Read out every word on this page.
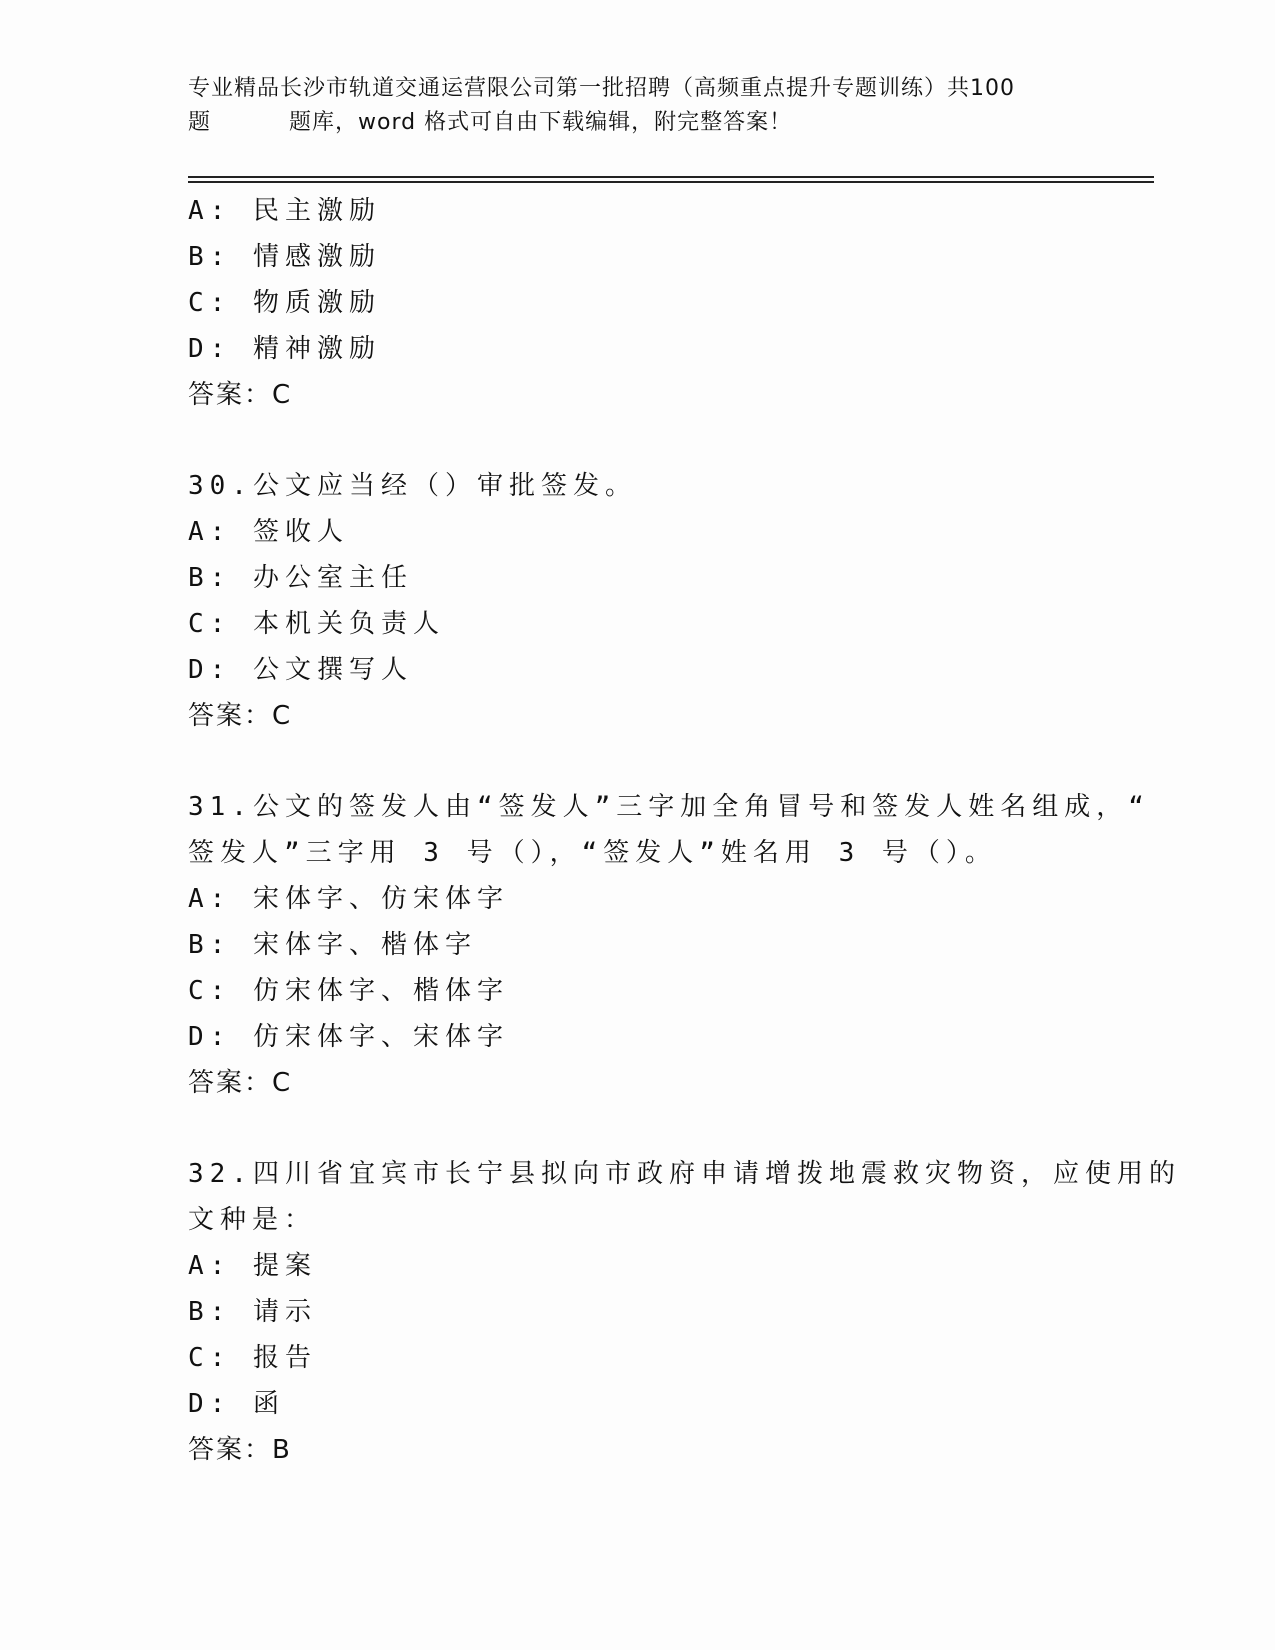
专业精品长沙市轨道交通运营限公司第一批招聘（高频重点提升专题训练）共100
题	题库，word 格式可自由下载编辑，附完整答案！
A: 民主激励
B: 情感激励
C: 物质激励
D: 精神激励
答案：C
30.公文应当经（）审批签发。
A: 签收人
B: 办公室主任
C: 本机关负责人
D: 公文撰写人
答案：C
31.公文的签发人由“签发人”三字加全角冒号和签发人姓名组成，“
签发人”三字用 3 号（），“签发人”姓名用 3 号（）。
A: 宋体字、仿宋体字
B: 宋体字、楷体字
C: 仿宋体字、楷体字
D: 仿宋体字、宋体字
答案：C
32.四川省宜宾市长宁县拟向市政府申请增拨地震救灾物资，应使用的
文种是：
A: 提案
B: 请示
C: 报告
D: 函
答案：B
